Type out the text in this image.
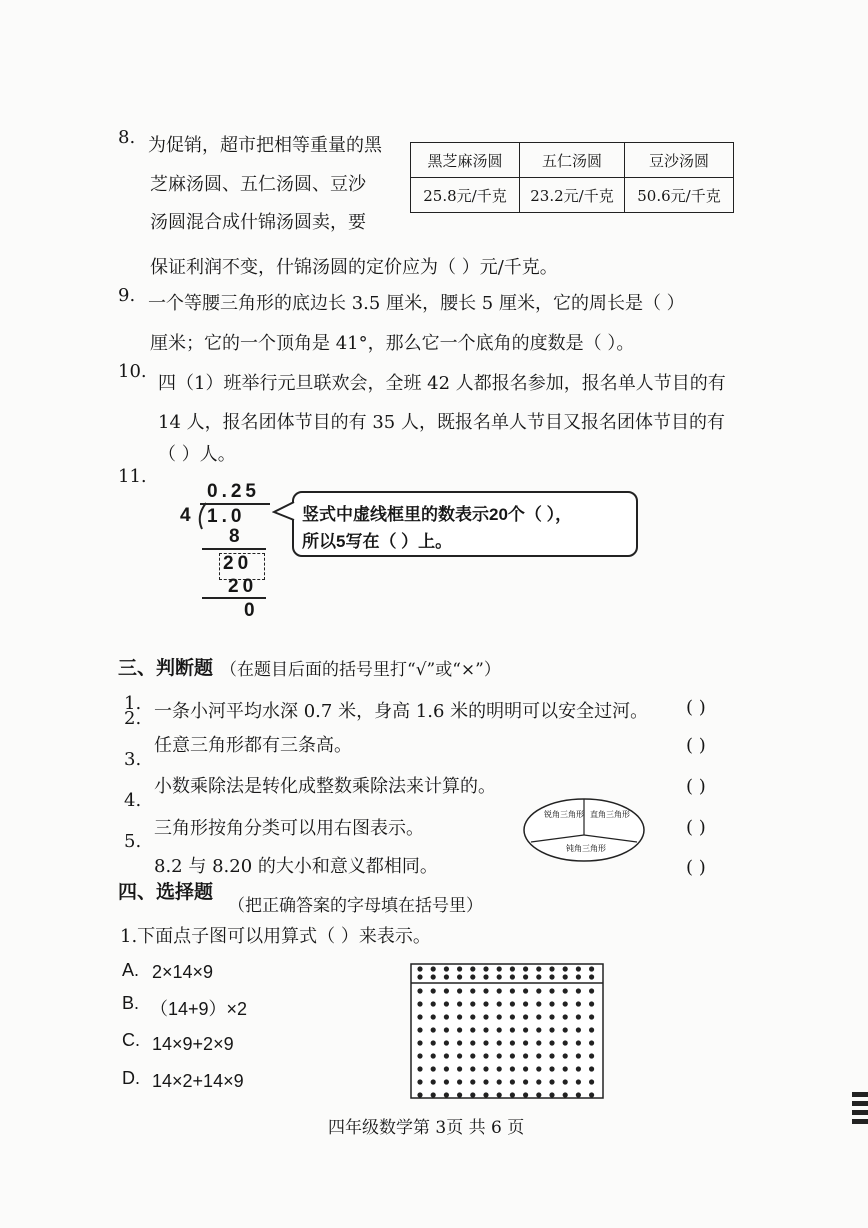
8. 为促销，超市把相等重量的黑
芝麻汤圆、五仁汤圆、豆沙
汤圆混合成什锦汤圆卖，要
保证利润不变，什锦汤圆的定价应为（ ）元/千克。
黑芝麻汤圆	五仁汤圆	豆沙汤圆
25.8元/千克	23.2元/千克	50.6元/千克
9. 一个等腰三角形的底边长 3.5 厘米，腰长 5 厘米，它的周长是（ ）
厘米；它的一个顶角是 41°，那么它一个底角的度数是（ ）。
10.
四（1）班举行元旦联欢会，全班 42 人都报名参加，报名单人节目的有
14 人，报名团体节目的有 35 人，既报名单人节目又报名团体节目的有
（ ）人。
11.
0.25
4 1.0
8
20
20
0
竖式中虚线框里的数表示20个（ ），
所以5写在（ ）上。
三、判断题 （在题目后面的括号里打“√”或“×”）
1. 一条小河平均水深 0.7 米，身高 1.6 米的明明可以安全过河。 ( )
2.
任意三角形都有三条高。	( )
3.
小数乘除法是转化成整数乘除法来计算的。	( )
4.
三角形按角分类可以用右图表示。	( )
5.
8.2 与 8.20 的大小和意义都相同。	( )
锐角三角形 直角三角形
钝角三角形
四、选择题
（把正确答案的字母填在括号里）
1.下面点子图可以用算式（ ）来表示。
A. 2×14×9
B. （14+9）×2
C. 14×9+2×9
D. 14×2+14×9
四年级数学第 3页 共 6 页
